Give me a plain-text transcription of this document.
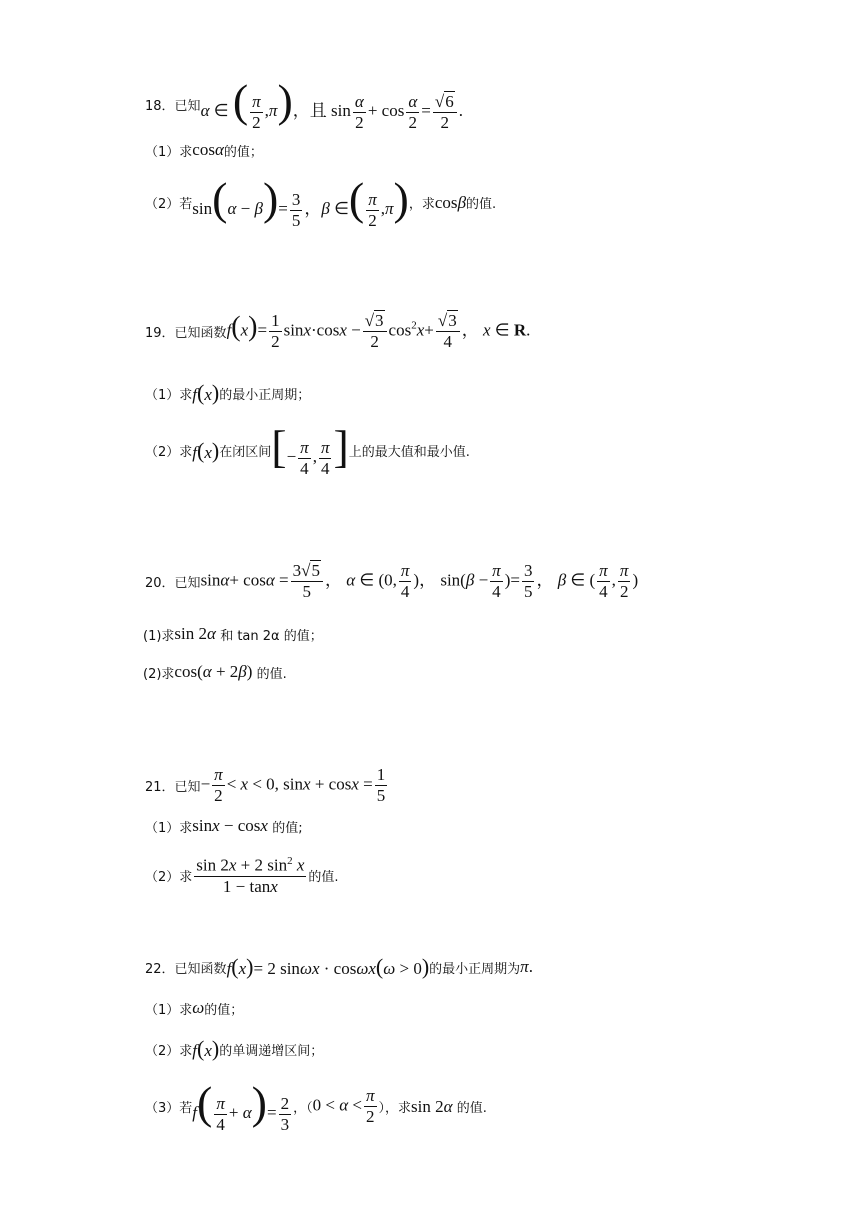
18． 已知 α ∈ ( $\frac{\pi}{2} ,\pi$)，且 $\sin \frac{\alpha}{2} + \cos \frac{\alpha}{2} = \frac{√6}{2}$ .
（1）求 cosα 的值；
（2）若 $\sin(\alpha - \beta)= \frac{3}{5}$ ，β ∈( $\frac{\pi}{2} ,\pi$) ，求 cosβ 的值.
19． 已知函数 $f(x)= \frac{1}{2} \sin x\cdot\cos x - \frac{√3}{2} \cos^2x+ \frac{√3}{4}$ ， x ∈ R.
（1）求 f(x) 的最小正周期；
（2）求 f(x) 在闭区间 [− $\frac{\pi}{4}$ , $\frac{\pi}{4}$ ] 上的最大值和最小值.
20． 已知 $\sin\alpha+ \cos\alpha = \frac{3√5}{5}$ ， α ∈ (0, $\frac{\pi}{4}$ )， $\sin(\beta - \frac{\pi}{4}$ )= $\frac{3}{5}$ ， β ∈ ( $\frac{\pi}{4}$ , $\frac{\pi}{2}$ )
(1)求 sin 2α 和 tan 2α 的值；
(2)求 cos(α + 2β) 的值.
21． 已知 − $\frac{\pi}{2} < x < 0$, $\sin x + \cos x = \frac{1}{5}$
（1）求 sinx − cosx 的值;
（2）求 $\frac{\sin 2x + 2 \sin^2 x}{1 - \tan x}$ 的值.
22． 已知函数 f(x)= 2 sinωx · cosωx(ω > 0) 的最小正周期为 π.
（1）求 ω 的值；
（2）求 f(x) 的单调递增区间；
（3）若 $f( \frac{\pi}{4} + \alpha)= \frac{2}{3}$ ，（ $0 < \alpha < \frac{\pi}{2}$ ），求 sin 2α 的值.
